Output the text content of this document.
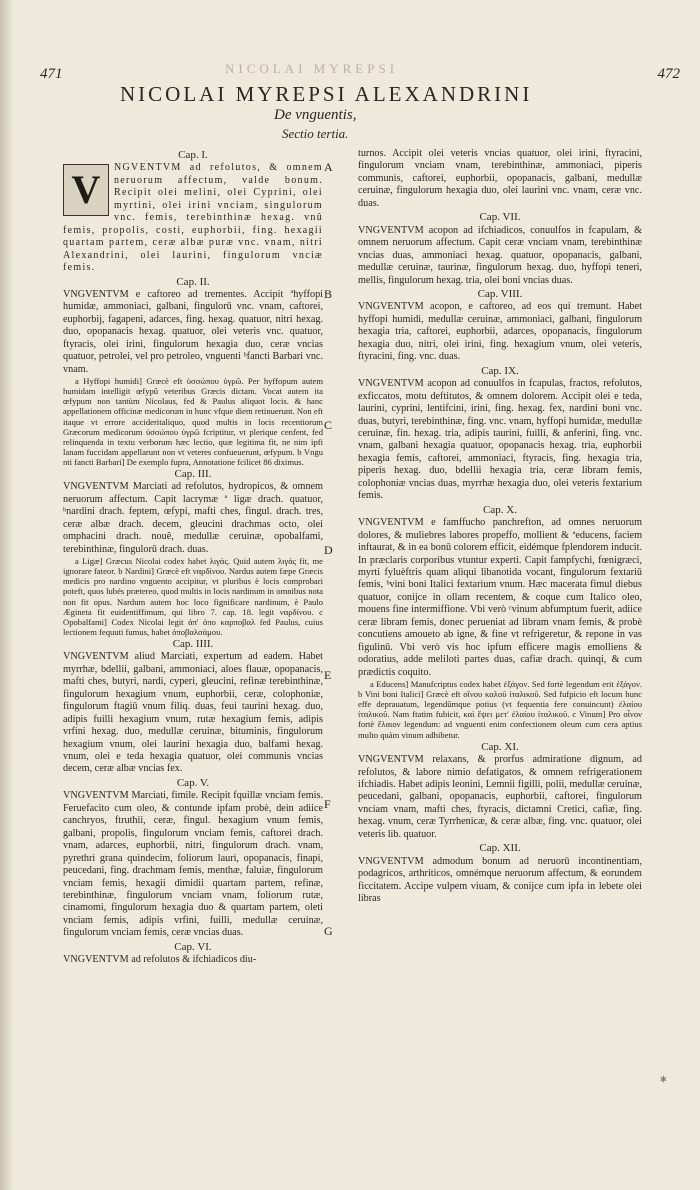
NICOLAI MYREPSI
471	472
NICOLAI MYREPSI ALEXANDRINI
De vnguentis,
Sectio tertia.
A
B
C
D
E
F
G
Cap. I.

V	NGVENTVM ad refolutos, & omnem neruorum affectum, valde bonum. Recipit olei melini, olei Cyprini, olei myrtini, olei irini vnciam, singulorum vnc. femis, terebinthinæ hexag. vnû femis, propolis, costi, euphorbii, fing. hexagii quartam partem, ceræ albæ puræ vnc. vnam, nitri Alexandrini, olei laurini, fingulorum vnciæ femis.

Cap. II.

VNGVENTVM e caftoreo ad trementes. Accipit ªhyffopi humidæ, ammoniaci, galbani, fingulorū vnc. vnam, caftorei, euphorbij, fagapeni, adarces, fing. hexag. quatuor, nitri hexag. duo, opopanacis hexag. quatuor, olei veteris vnc. quatuor, ftyracis, olei irini, fingulorum hexagia duo, ceræ vncias quatuor, petrolei, vel pro petroleo, vnguenti ᵇfancti Barbari vnc. vnam.

a Hyffopi humidi] Græcè eft ὑσσώπου ὑγρῶ. Per hyffopum autem humidam intelligit œfypû veteribus Græcis dictam. Vocat autem ita œfypum non tantùm Nicolaus, fed & Paulus aliquot locis. & hanc appellationem officinæ medicorum in hunc vfque diem retinuerunt. Non eft itaque vt errore accideritaliquo, quod multis in locis recentiorum Græcorum medicorum ὑσσώπου ὑγρῶ fcriptitur, vt plerique cenfent, fed relinquenda in textu verborum hæc lectio, quæ legitima fit, ne nim ipfi lanam fuccidam appellarunt non vt veteres confueuerunt, œfypum. b Vngu nti fancti Barbari] De exemplo fupra, Annotatione fcilicet 86 diximus.

Cap. III.

VNGVENTVM Marciati ad refolutos, hydropicos, & omnem neruorum affectum. Capit lacrymæ ª ligæ drach. quatuor, ᵇnardini drach. feptem, œfypi, mafti ches, fingul. drach. tres, ceræ albæ drach. decem, gleucini drachmas octo, olei omphacini drach. nouê, medullæ ceruinæ, opobalfami, terebinthinæ, fingulorū drach. duas.

a Ligæ] Græcus Nicolai codex habet λιγάς. Quid autem λιγάς fit, me ignorare fateor. b Nardini] Græcè eft ναρδίνου. Nardus autem fæpe Græcis medicis pro nardino vnguento accipitur, vt pluribus è locis comprobari poteft, quos lubés prætereo, quod multis in locis nardinum in omnibus nota non fit opus. Nardum autem hoc loco fignificare nardinum, è Paulo Ægineta fit euidentiffimum, qui libro 7. cap. 18. legit ναρδίνου. c Opobalfami] Codex Nicolai legit ἀπ' ὀπο καρποβαλ fed Paulus, cuius lectionem fequuti fumus, habet ὀποβαλσάμου.

Cap. IIII.

VNGVENTVM aliud Marciati, expertum ad eadem. Habet myrrhæ, bdellii, galbani, ammoniaci, aloes flauæ, opopanacis, mafti ches, butyri, nardi, cyperi, gleucini, refinæ terebinthinæ, fingulorum hexagium vnum, euphorbii, ceræ, colophoniæ, fingulorum ftagiū vnum filiq. duas, feui taurini hexag. duo, adipis fuilli hexagium vnum, rutæ hexagium femis, adipis vrfini hexag. duo, medullæ ceruinæ, bituminis, fingulorum hexagium vnum, olei laurini hexagia duo, balfami hexag. vnum, olei e teda hexagia quatuor, olei communis vncias decem, ceræ albæ vncias fex.

Cap. V.

VNGVENTVM Marciati, fimile. Recipit fquillæ vnciam femis. Feruefacito cum oleo, & contunde ipfam probè, dein adiice canchryos, ftruthii, ceræ, fingul. hexagium vnum femis, galbani, propolis, fingulorum vnciam femis, caftorei drach. vnam, adarces, euphorbii, nitri, fingulorum drach. vnam, pyrethri grana quindecim, foliorum lauri, opopanacis, finapi, peucedani, fing. drachmam femis, menthæ, faluiæ, fingulorum vnciam femis, hexagii dimidii quartam partem, refinæ, terebinthinæ, fingulorum vnciam vnam, foliorum rutæ, cinamomi, fingulorum hexagia duo & quartam partem, oleti vnciam femis, adipis vrfini, fuilli, medullæ ceruinæ, fingulorum vnciam femis, ceræ vncias duas.

Cap. VI.

VNGVENTVM ad refolutos & ifchiadicos diu-

turnos. Accipit olei veteris vncias quatuor, olei irini, ftyracini, fingulorum vnciam vnam, terebinthinæ, ammoniaci, piperis communis, caftorei, euphorbii, opopanacis, galbani, medullæ ceruinæ, fingulorum hexagia duo, olei laurini vnc. vnam, ceræ vnc. duas.

Cap. VII.

VNGVENTVM acopon ad ifchiadicos, conuulfos in fcapulam, & omnem neruorum affectum. Capit ceræ vnciam vnam, terebinthinæ vncias duas, ammoniaci hexag. quatuor, opopanacis, galbani, medullæ ceruinæ, taurinæ, fingulorum hexag. duo, hyffopi teneri, mellis, fingulorum hexag. tria, olei boni vncias duas.

Cap. VIII.

VNGVENTVM acopon, e caftoreo, ad eos qui tremunt. Habet hyffopi humidi, medullæ ceruinæ, ammoniaci, galbani, fingulorum hexagia tria, caftorei, euphorbii, adarces, opopanacis, fingulorum hexagia duo, nitri, olei irini, fing. hexagium vnum, olei veteris, ftyracini, fing. vnc. duas.

Cap. IX.

VNGVENTVM acopon ad conuulfos in fcapulas, fractos, refolutos, exficcatos, motu deftitutos, & omnem dolorem. Accipit olei e teda, laurini, cyprini, lentifcini, irini, fing. hexag. fex, nardini boni vnc. duas, butyri, terebinthinæ, fing. vnc. vnam, hyffopi humidæ, medullæ ceruinæ, fin. hexag. tria, adipis taurini, fuilli, & anferini, fing. vnc. vnam, galbani hexagia quatuor, opopanacis hexag. tria, euphorbii hexagia femis, caftorei, ammoniaci, ftyracis, fing. hexagia tria, piperis hexag. duo, bdellii hexagia tria, ceræ libram femis, colophoniæ vncias duas, myrrhæ hexagia duo, olei veteris fextarium femis.

Cap. X.

VNGVENTVM e famffucho panchrefton, ad omnes neruorum dolores, & muliebres labores propeffo, mollient & ªeducens, faciem inftaurat, & in ea bonū colorem efficit, eidémque fplendorem inducit. In præclaris corporibus vtuntur experti. Capit fampfychi, fœnigræci, myrti fyluèftris quam aliqui libanotida vocant, fingulorum fextariū femis, ᵇvini boni Italici fextarium vnum. Hæc macerata fimul diebus quatuor, conijce in ollam recentem, & coque cum Italico oleo, mouens fine intermiffione. Vbi verò ᶜvinum abfumptum fuerit, adiice ceræ libram femis, donec perueniat ad libram vnam femis, & probè concutiens amoueto ab igne, & fine vt refrigeretur, & repone in vas figulinū. Vbi verò vis hoc ipfum efficere magis emolliens & odoratius, adde meliloti partes duas, cafiæ drach. quinqi, & cum prædictis coquito.

a Educens] Manufcriptus codex habet ἐξάγον. Sed fortè legendum erit ἐξάγον. b Vini boni Italici] Græcè eft οἴνου καλοῦ ἰταλικοῦ. Sed fufpicio eft locum hunc effe deprauatum, legendūmque potius (vt fequentia fere conuincunt) ἐλαίου ἰταλικοῦ. Nam ftatim fubicit, καὶ ἕψει μετ' ἐλαίου ἰταλικοῦ. c Vinum] Pro οἶνον fortè ἔλαιον legendum: ad vnguenti enim confectionem oleum cum cera aptius multo quàm vinum adhibetur.

Cap. XI.

VNGVENTVM relaxans, & prorfus admiratione dignum, ad refolutos, & labore nimio defatigatos, & omnem refrigerationem ifchiadis. Habet adipis leonini, Lemnii figilli, polii, medullæ ceruinæ, peucedani, galbani, opopanacis, euphorbii, caftorei, fingulorum vnciam vnam, mafti ches, ftyracis, dictamni Cretici, cafiæ, fing. hexag. vnum, ceræ Tyrrhenicæ, & ceræ albæ, fing. vnc. quatuor, olei veteris lib. quatuor.

Cap. XII.

VNGVENTVM admodum bonum ad neruorū incontinentiam, podagricos, arthriticos, omnémque neruorum affectum, & eorundem ficcitatem. Accipe vulpem viuam, & conijce cum ipfa in lebete olei libras

✻
